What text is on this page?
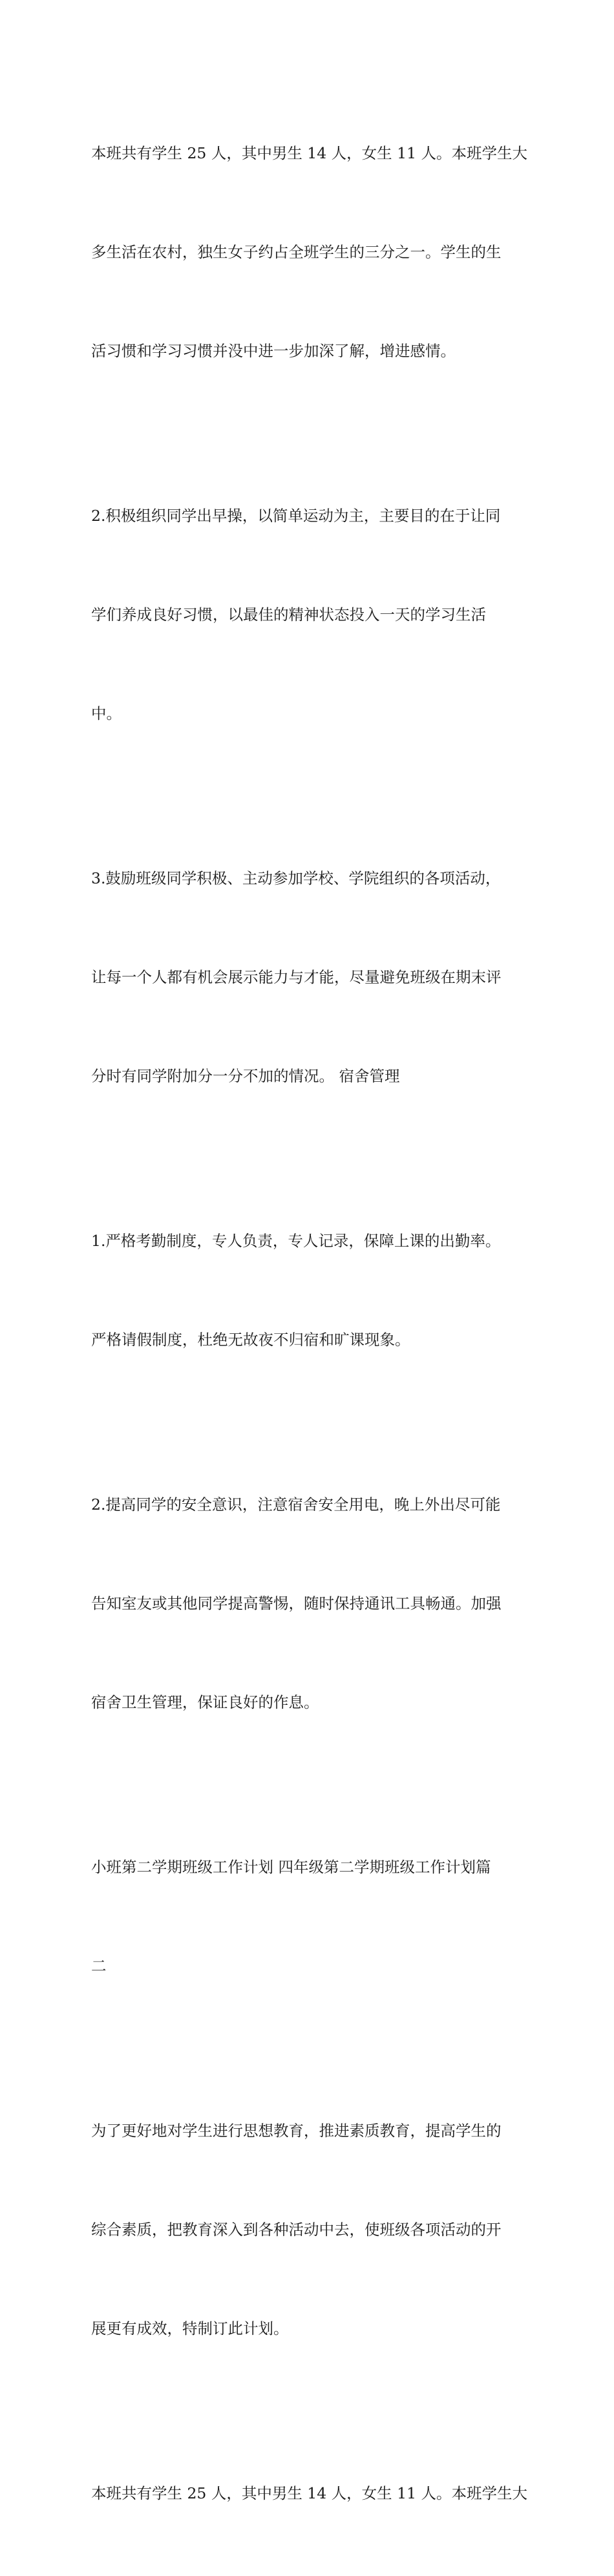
本班共有学生 25 人，其中男生 14 人，女生 11 人。本班学生大

多生活在农村，独生女子约占全班学生的三分之一。学生的生

活习惯和学习习惯并没中进一步加深了解，增进感情。

2.积极组织同学出早操，以简单运动为主，主要目的在于让同

学们养成良好习惯，以最佳的精神状态投入一天的学习生活

中。

3.鼓励班级同学积极、主动参加学校、学院组织的各项活动，

让每一个人都有机会展示能力与才能，尽量避免班级在期末评

分时有同学附加分一分不加的情况。 宿舍管理

1.严格考勤制度，专人负责，专人记录，保障上课的出勤率。

严格请假制度，杜绝无故夜不归宿和旷课现象。

2.提高同学的安全意识，注意宿舍安全用电，晚上外出尽可能

告知室友或其他同学提高警惕，随时保持通讯工具畅通。加强

宿舍卫生管理，保证良好的作息。

小班第二学期班级工作计划 四年级第二学期班级工作计划篇

二

为了更好地对学生进行思想教育，推进素质教育，提高学生的

综合素质，把教育深入到各种活动中去，使班级各项活动的开

展更有成效，特制订此计划。

本班共有学生 25 人，其中男生 14 人，女生 11 人。本班学生大
